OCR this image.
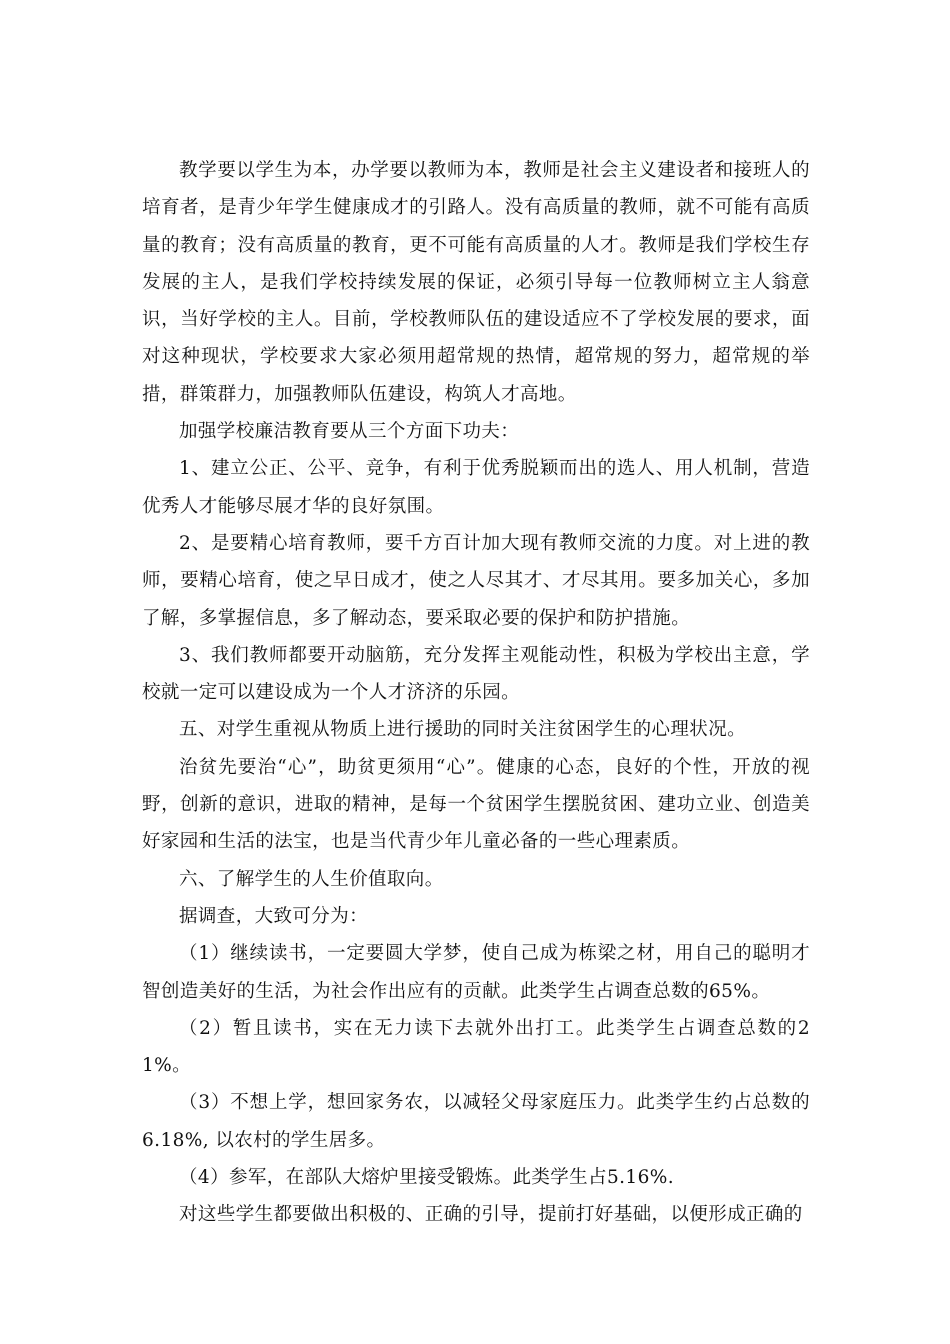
教学要以学生为本，办学要以教师为本，教师是社会主义建设者和接班人的培育者，是青少年学生健康成才的引路人。没有高质量的教师，就不可能有高质量的教育；没有高质量的教育，更不可能有高质量的人才。教师是我们学校生存发展的主人，是我们学校持续发展的保证，必须引导每一位教师树立主人翁意识，当好学校的主人。目前，学校教师队伍的建设适应不了学校发展的要求，面对这种现状，学校要求大家必须用超常规的热情，超常规的努力，超常规的举措，群策群力，加强教师队伍建设，构筑人才高地。

加强学校廉洁教育要从三个方面下功夫：

1、建立公正、公平、竞争，有利于优秀脱颖而出的选人、用人机制，营造优秀人才能够尽展才华的良好氛围。

2、是要精心培育教师，要千方百计加大现有教师交流的力度。对上进的教师，要精心培育，使之早日成才，使之人尽其才、才尽其用。要多加关心，多加了解，多掌握信息，多了解动态，要采取必要的保护和防护措施。

3、我们教师都要开动脑筋，充分发挥主观能动性，积极为学校出主意，学校就一定可以建设成为一个人才济济的乐园。

五、对学生重视从物质上进行援助的同时关注贫困学生的心理状况。

治贫先要治“心”，助贫更须用“心”。健康的心态，良好的个性，开放的视野，创新的意识，进取的精神，是每一个贫困学生摆脱贫困、建功立业、创造美好家园和生活的法宝，也是当代青少年儿童必备的一些心理素质。

六、了解学生的人生价值取向。

据调查，大致可分为：

（1）继续读书，一定要圆大学梦，使自己成为栋梁之材，用自己的聪明才智创造美好的生活，为社会作出应有的贡献。此类学生占调查总数的65%。

（2）暂且读书，实在无力读下去就外出打工。此类学生占调查总数的21%。

（3）不想上学，想回家务农，以减轻父母家庭压力。此类学生约占总数的6.18%, 以农村的学生居多。

（4）参军，在部队大熔炉里接受锻炼。此类学生占5.16%.

对这些学生都要做出积极的、正确的引导，提前打好基础，以便形成正确的
